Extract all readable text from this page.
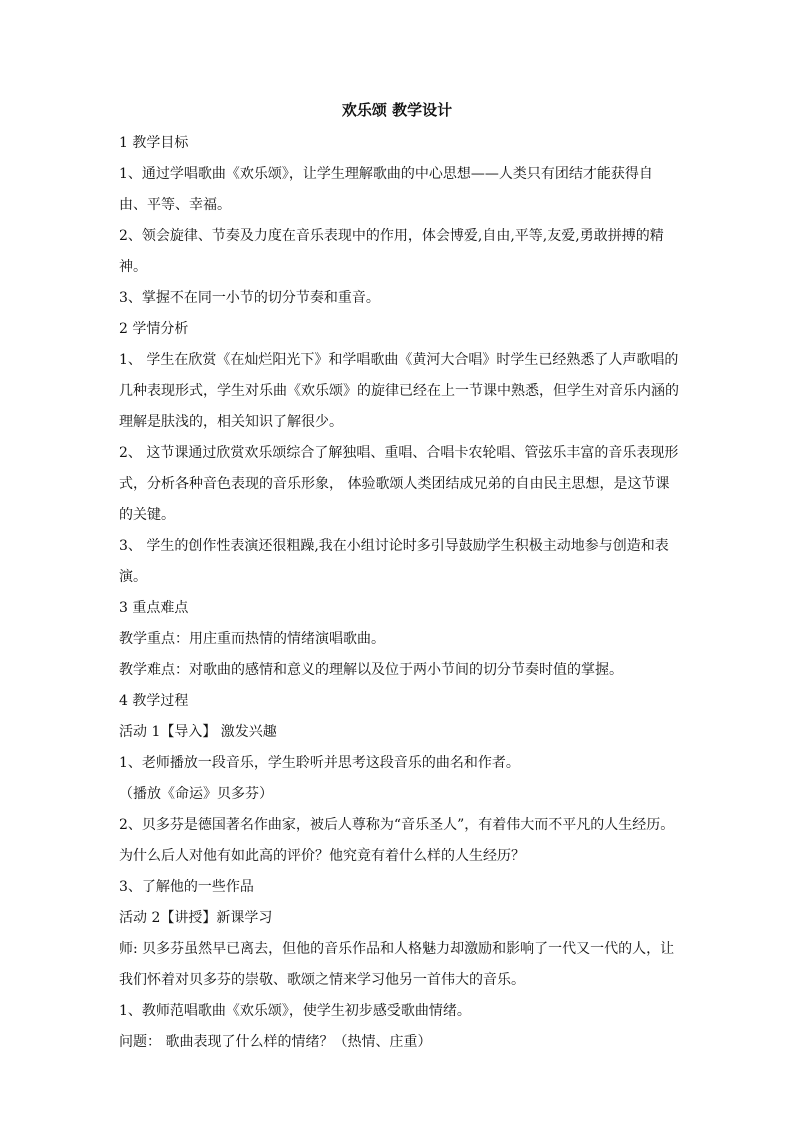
欢乐颂 教学设计

1 教学目标

1、通过学唱歌曲《欢乐颂》，让学生理解歌曲的中心思想——人类只有团结才能获得自由、平等、幸福。

2、领会旋律、节奏及力度在音乐表现中的作用，体会博爱,自由,平等,友爱,勇敢拼搏的精神。

3、掌握不在同一小节的切分节奏和重音。

2 学情分析

1、 学生在欣赏《在灿烂阳光下》和学唱歌曲《黄河大合唱》时学生已经熟悉了人声歌唱的几种表现形式，学生对乐曲《欢乐颂》的旋律已经在上一节课中熟悉，但学生对音乐内涵的理解是肤浅的，相关知识了解很少。

2、 这节课通过欣赏欢乐颂综合了解独唱、重唱、合唱卡农轮唱、管弦乐丰富的音乐表现形式，分析各种音色表现的音乐形象， 体验歌颂人类团结成兄弟的自由民主思想，是这节课的关键。

3、 学生的创作性表演还很粗躁,我在小组讨论时多引导鼓励学生积极主动地参与创造和表演。

3 重点难点

教学重点：用庄重而热情的情绪演唱歌曲。

教学难点：对歌曲的感情和意义的理解以及位于两小节间的切分节奏时值的掌握。

4 教学过程

活动 1【导入】 激发兴趣

1、老师播放一段音乐，学生聆听并思考这段音乐的曲名和作者。

（播放《命运》贝多芬）

2、贝多芬是德国著名作曲家，被后人尊称为“音乐圣人”，有着伟大而不平凡的人生经历。为什么后人对他有如此高的评价？他究竟有着什么样的人生经历？

3、了解他的一些作品

活动 2【讲授】新课学习

师: 贝多芬虽然早已离去，但他的音乐作品和人格魅力却激励和影响了一代又一代的人，让我们怀着对贝多芬的崇敬、歌颂之情来学习他另一首伟大的音乐。

1、教师范唱歌曲《欢乐颂》，使学生初步感受歌曲情绪。

问题： 歌曲表现了什么样的情绪？（热情、庄重）
